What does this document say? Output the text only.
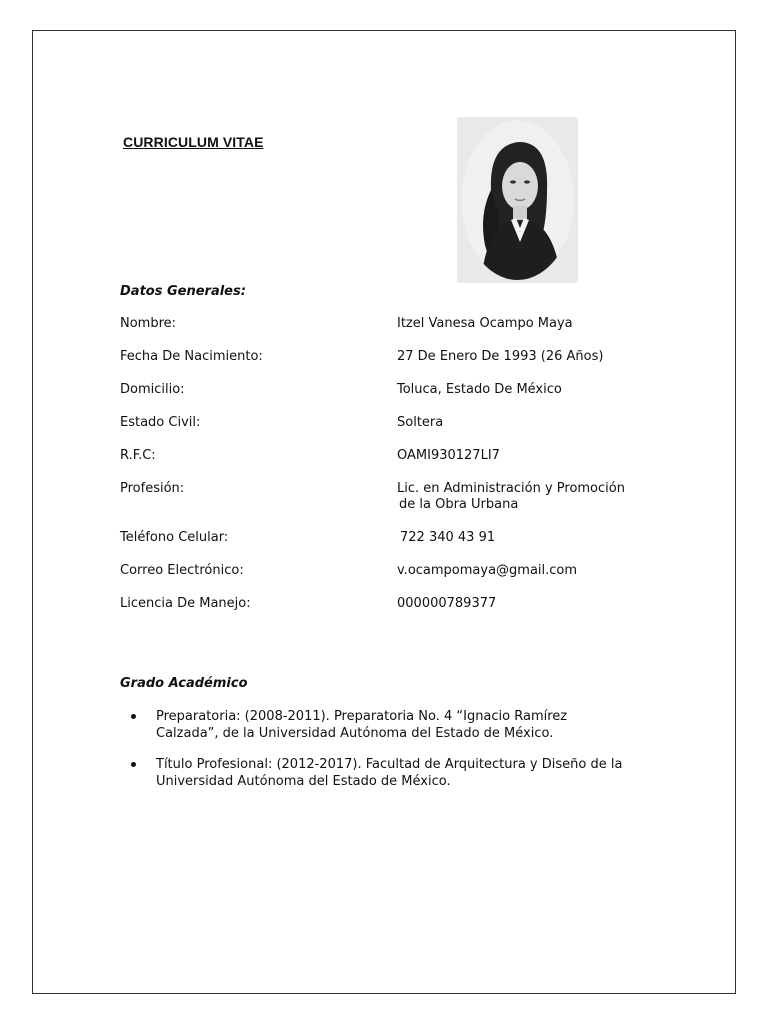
CURRICULUM VITAE
Datos Generales:
Nombre:	Itzel Vanesa Ocampo Maya
Fecha De Nacimiento:	27 De Enero De 1993 (26 Años)
Domicilio:	Toluca, Estado De México
Estado Civil:	Soltera
R.F.C:	OAMI930127LI7
Profesión:	Lic. en Administración y Promoción
de la Obra Urbana
Teléfono Celular:	722 340 43 91
Correo Electrónico:	v.ocampomaya@gmail.com
Licencia De Manejo:	000000789377
Grado Académico
Preparatoria: (2008-2011). Preparatoria No. 4 “Ignacio Ramírez
Calzada”, de la Universidad Autónoma del Estado de México.
Título Profesional: (2012-2017). Facultad de Arquitectura y Diseño de la
Universidad Autónoma del Estado de México.
